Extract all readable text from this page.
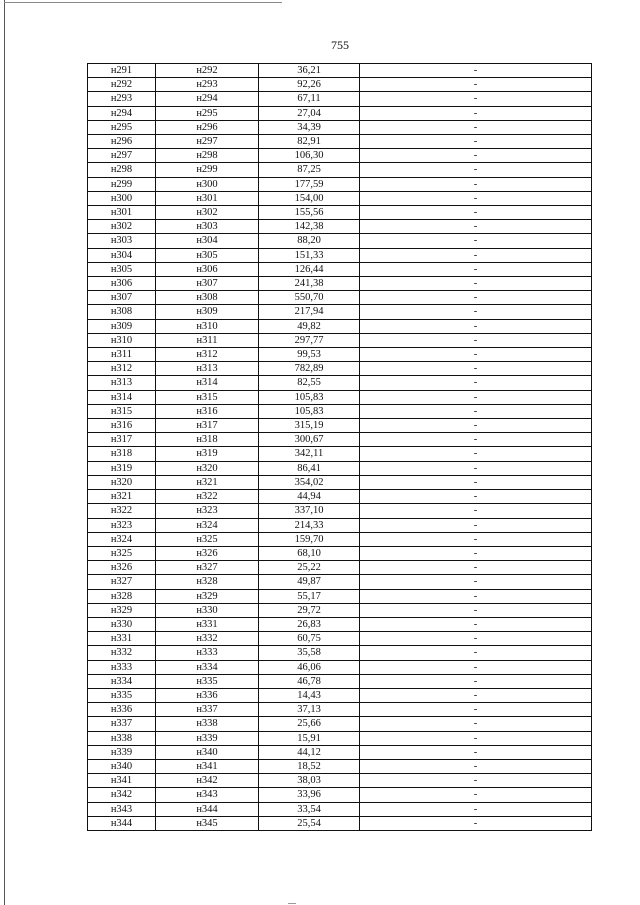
755
н291	н292	36,21	-
н292	н293	92,26	-
н293	н294	67,11	-
н294	н295	27,04	-
н295	н296	34,39	-
н296	н297	82,91	-
н297	н298	106,30	-
н298	н299	87,25	-
н299	н300	177,59	-
н300	н301	154,00	-
н301	н302	155,56	-
н302	н303	142,38	-
н303	н304	88,20	-
н304	н305	151,33	-
н305	н306	126,44	-
н306	н307	241,38	-
н307	н308	550,70	-
н308	н309	217,94	-
н309	н310	49,82	-
н310	н311	297,77	-
н311	н312	99,53	-
н312	н313	782,89	-
н313	н314	82,55	-
н314	н315	105,83	-
н315	н316	105,83	-
н316	н317	315,19	-
н317	н318	300,67	-
н318	н319	342,11	-
н319	н320	86,41	-
н320	н321	354,02	-
н321	н322	44,94	-
н322	н323	337,10	-
н323	н324	214,33	-
н324	н325	159,70	-
н325	н326	68,10	-
н326	н327	25,22	-
н327	н328	49,87	-
н328	н329	55,17	-
н329	н330	29,72	-
н330	н331	26,83	-
н331	н332	60,75	-
н332	н333	35,58	-
н333	н334	46,06	-
н334	н335	46,78	-
н335	н336	14,43	-
н336	н337	37,13	-
н337	н338	25,66	-
н338	н339	15,91	-
н339	н340	44,12	-
н340	н341	18,52	-
н341	н342	38,03	-
н342	н343	33,96	-
н343	н344	33,54	-
н344	н345	25,54	-
